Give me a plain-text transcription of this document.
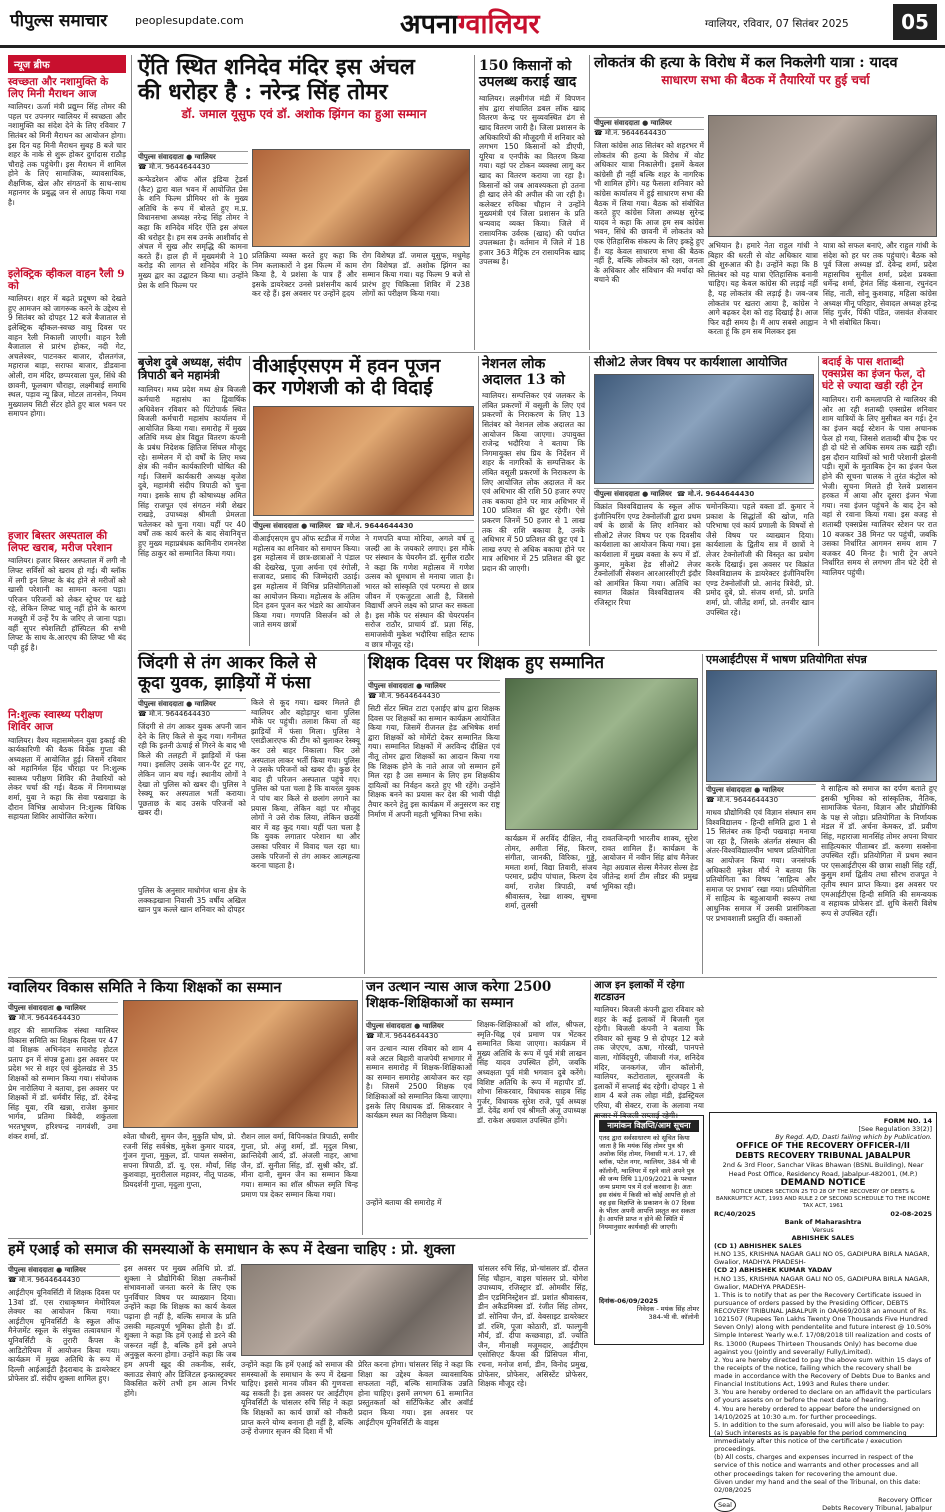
पीपुल्स समाचार	peoplesupdate.com	अपनाग्वालियर	ग्वालियर, रविवार, 07 सितंबर 2025	05
न्यूज ब्रीफ
स्वच्छता और नशामुक्ति के लिए मिनी मैराथन आज
ग्वालियर। ऊर्जा मंत्री प्रद्युम्न सिंह तोमर की पहल पर उपनगर ग्वालियर में स्वच्छता और नशामुक्ति का संदेश देने के लिए रविवार 7 सितंबर को मिनी मैराथन का आयोजन होगा। इस दिन यह मिनी मैराथन सुबह 8 बजे चार शहर के नाके से शुरू होकर दुर्गादास राठौड़ चौराहे तक पहुंचेगी। इस मैराथन में शामिल होने के लिए सामाजिक, व्यावसायिक, शैक्षणिक, खेल और संगठनों के साथ-साथ महानगर के प्रबुद्ध जन से आग्रह किया गया है।
इलेक्ट्रिक व्हीकल वाहन रैली 9 को
ग्वालियर। शहर में बढ़ते प्रदूषण को देखते हुए आमजन को जागरूक करने के उद्देश्य से 9 सितंबर को दोपहर 12 बजे बैजाताल से इलेक्ट्रिक व्हीकल-स्वच्छ वायु दिवस पर वाहन रैली निकाली जाएगी। वाहन रैली बैजाताल से प्रारंभ होकर, नदी गेट, अचलेश्वर, पाटनकर बाजार, दौलतगंज, महाराज बाड़ा, सराफा बाजार, डीडवाना ओली, राम मंदिर, छप्परवाला पुल, सिंधे की छावनी, फूलबाग चौराहा, लक्ष्मीबाई समाधि स्थल, पड़ाव न्यू ब्रिज, मोटल तानसेन, नियम मुख्यालय सिटी सेंटर होते हुए बाल भवन पर समापन होगा।
हजार बिस्तर अस्पताल की लिफ्ट खराब, मरीज परेशान
ग्वालियर। हजार बिस्तर अस्पताल में लगी नौ लिफ्ट सर्विसों को खराब हो गई। बी ब्लॉक में लगी इन लिफ्ट के बंद होने से मरीजों को खासी परेशानी का सामना करना पड़ा। परिजन परिजनों को लेकर स्ट्रेचर पर खड़े रहे, लेकिन लिफ्ट चालू नहीं होने के कारण मजबूरी में उन्हें रैंप के जरिए ले जाना पड़ा। वहीं सुपर स्पेशलिटी हॉस्पिटल की सभी लिफ्ट के साथ के.आरएच की लिफ्ट भी बंद पड़ी हुई है।
नि:शुल्क स्वास्थ्य परीक्षण शिविर आज
ग्वालियर। वैश्य महासम्मेलन युवा इकाई की कार्यकारिणी की बैठक विवेक गुप्ता की अध्यक्षता में आयोजित हुई। जिसमें रविवार को महानिर्मल हिंद चौराहा पर नि:शुल्क स्वास्थ्य परीक्षण शिविर की तैयारियों को लेकर चर्चा की गई। बैठक में निगमाध्यक्ष शर्मा, युवा ने कहा कि सेवा पखवाड़ा के दौरान विभिन्न आयोजन नि:शुल्क विधिक सहायता शिविर आयोजित करेगा।
ऐंति स्थित शनिदेव मंदिर इस अंचल
की धरोहर है : नरेन्द्र सिंह तोमर
डॉ. जमाल यूसुफ एवं डॉ. अशोक झिंगन का हुआ सम्मान
पीपुल्स संवाददाता ● ग्वालियर
☎ मो.नं. 9644644430
कन्फेडरेशन ऑफ ऑल इंडिया ट्रेडर्स (कैट) द्वारा बाल भवन में आयोजित प्रेस के शनि फिल्म प्रीमियर शो के मुख्य अतिथि के रूप में बोलते हुए म.प्र. विधानसभा अध्यक्ष नरेन्द्र सिंह तोमर ने कहा कि शनिदेव मंदिर ऐंति इस अंचल की धरोहर है। हम सब उनके आशीर्वाद से अंचल में सुख और समृद्धि की कामना करते हैं। हाल ही में मुख्यमंत्री ने 10 करोड़ की लागत से शनिदेव मंदिर के मुख्य द्वार का उद्घाटन किया था। उन्होंने प्रेस के शनि फिल्म पर
प्रतिक्रिया व्यक्त करते हुए कहा कि निम कलाकारों ने इस फिल्म में काम किया है, ये प्रशंसा के पात्र हैं और इसके डायरेक्टर उनसे प्रशंसनीय कार्य कर रहे हैं। इस अवसर पर उन्होंने हृदय
रोग विशेषज्ञ डॉ. जमाल यूसुफ, मधुमेह रोग विशेषज्ञ डॉ. अशोक झिंगन का सम्मान किया गया। यह फिल्म 9 बजे से प्रारंभ हुए चिकित्सा शिविर में 238 लोगों का परीक्षण किया गया।
150 किसानों को उपलब्ध कराई खाद
ग्वालियर। लक्ष्मीगंज मंडी में विपणन संघ द्वारा संचालित डबल लॉक खाद वितरण केन्द्र पर सुव्यवस्थित ढंग से खाद वितरण जारी है। जिला प्रशासन के अधिकारियों की मौजूदगी में शनिवार को लगभग 150 किसानों को डीएपी, यूरिया व एनपीके का वितरण किया गया। यहां पर टोकन व्यवस्था लागू कर खाद का वितरण कराया जा रहा है। किसानों को जब आवश्यकता हो उतना ही खाद लेने की अपील की जा रही है। कलेक्टर रुचिका चौहान ने उन्होंने मुख्यमंत्री एवं जिला प्रशासन के प्रति धन्यवाद व्यक्त किया। जिले में रासायनिक उर्वरक (खाद) की पर्याप्त उपलब्धता है। वर्तमान में जिले में 18 हजार 363 मैट्रिक टन रासायनिक खाद उपलब्ध है।
लोकतंत्र की हत्या के विरोध में कल निकलेगी यात्रा : यादव
साधारण सभा की बैठक में तैयारियों पर हुई चर्चा
पीपुल्स संवाददाता ● ग्वालियर
☎ मो.नं. 9644644430
जिला कांग्रेस आठ सितंबर को शहरभर में लोकतंत्र की हत्या के विरोध में वोट अधिकार यात्रा निकालेगी। इसमें केवल कांग्रेसी ही नहीं बल्कि शहर के नागरिक भी शामिल होंगे। यह फैसला शनिवार को कांग्रेस कार्यालय में हुई साधारण सभा की बैठक में लिया गया। बैठक को संबोधित करते हुए कांग्रेस जिला अध्यक्ष सुरेन्द्र यादव ने कहा कि आज हम सब कांग्रेस भवन, सिंधे की छावनी में लोकतंत्र को एक ऐतिहासिक संकल्प के लिए इकट्ठे हुए हैं। यह केवल साधारण सभा की बैठक नहीं है, बल्कि लोकतंत्र को रक्षा, जनता के अधिकार और संविधान की मर्यादा को बचाने की
अभियान है। हमारे नेता राहुल गांधी ने बिहार की धरती से वोट अधिकार यात्रा की शुरुआत की है। उन्होंने कहा कि 8 सितंबर को यह यात्रा ऐतिहासिक बनानी चाहिए। यह केवल कांग्रेस की लड़ाई नहीं है, यह लोकतंत्र की लड़ाई है। जब-जब लोकतंत्र पर खतरा आया है, कांग्रेस ने आगे बढ़कर देश को राह दिखाई है। आज फिर वही समय है। मैं आप सबसे आह्वान करता हूं कि हम सब मिलकर इस
यात्रा को सफल बनाएं, और राहुल गांधी के संदेश को हर घर तक पहुंचाएं। बैठक को पूर्व जिला अध्यक्ष डॉ. देवेन्द्र शर्मा, प्रदेश महासचिव सुनील शर्मा, प्रदेश प्रवक्ता धर्मेन्द्र शर्मा, हेमंत सिंह कंसाना, रघुनंदन सिंह, नाती, सोनू कुशवाह, महिला कांग्रेस अध्यक्ष मीनू परिहार, सेवादल अध्यक्ष हरेन्द्र सिंह गुर्जर, पिंकी पंडित, जसवंत शेजवार ने भी संबोधित किया।
बृजेश दुबे अध्यक्ष, संदीप त्रिपाठी बने महामंत्री
ग्वालियर। मध्य प्रदेश मध्य क्षेत्र बिजली कर्मचारी महासंघ का द्विवार्षिक अधिवेशन रविवार को पिंटोपार्क स्थित बिजली कर्मचारी महासंघ कार्यालय में आयोजित किया गया। समारोह में मुख्य अतिथि मध्य क्षेत्र विद्युत वितरण कंपनी के प्रबंध निदेशक क्षितिज सिंघल मौजूद रहे। सम्मेलन में दो वर्षों के लिए मध्य क्षेत्र की नवीन कार्यकारिणी घोषित की गई। जिसमें कार्यकारी अध्यक्ष बृजेश दुबे, महामंत्री संदीप त्रिपाठी को चुना गया। इसके साथ ही कोषाध्यक्ष अमित सिंह राजपूत एवं संगठन मंत्री शेखर राखड़े, उपाध्यक्ष श्रीमती प्रेमलता चतेलकर को चुना गया। यहीं पर 40 वर्षों तक कार्य करने के बाद सेवानिवृत्त हुए मुख्य महाप्रबंधक कामिनीय रामनरेश सिंह ठाकुर को सम्मानित किया गया।
वीआईएसएम में हवन पूजन
कर गणेशजी को दी विदाई
पीपुल्स संवाददाता ● ग्वालियर ☎ मो.नं. 9644644430
वीआईएसएम ग्रुप ऑफ स्टडीज में गणेश महोत्सव का शनिवार को समापन किया। इस महोत्सव में छात्र-छात्राओं ने पंडाल की देखरेख, पूजा अर्चना एवं रंगोली, सजावट, प्रसाद की जिम्मेदारी उठाई। इस महोत्सव में विभिन्न प्रतियोगिताओं का आयोजन किया। महोत्सव के अंतिम दिन हवन पूजन कर भंडारे का आयोजन किया गया। गणपति विसर्जन को ले जाते समय छात्रों
ने गणपति बप्पा मोरिया, अगले वर्ष तू जल्दी आ के जयकारे लगाए। इस मौके पर संस्थान के चेयरमैन डॉ. सुनील राठौर ने कहा कि गणेश महोत्सव में गणेश उत्सव को धूमधाम से मनाया जाता है। भारत को सांस्कृति एवं परम्परा से छात्र जीवन में एकजुटता आती है, जिससे विद्यार्थी अपने लक्ष्य को प्राप्त कर सकता है। इस मौके पर संस्थान की चेयरपर्सन सरोज राठौर, प्राचार्य डॉ. प्रज्ञा सिंह, समाजसेवी मुकेश भदौरिया सहित स्टाफ व छात्र मौजूद रहे।
नेशनल लोक अदालत 13 को
ग्वालियर। सम्पत्तिकर एवं जलकर के लंबित प्रकरणों में वसूली के लिए एवं प्रकरणों के निराकरण के लिए 13 सितंबर को नेशनल लोक अदालत का आयोजन किया जाएगा। उपायुक्त राजेन्द्र भदौरिया ने बताया कि निगमायुक्त संघ प्रिय के निर्देशन में शहर के नागरिकों के सम्पत्तिकर के लंबित वसूली प्रकरणों के निराकरण के लिए आयोजित लोक अदालत में कर एवं अधिभार की राशि 50 हजार रुपए तक बकाया होने पर मात्र अधिभार में 100 प्रतिशत की छूट रहेगी। ऐसे प्रकरण जिनमें 50 हजार से 1 लाख तक की राशि बकाया है, उनके अधिभार में 50 प्रतिशत की छूट एवं 1 लाख रुपए से अधिक बकाया होने पर मात्र अधिभार में 25 प्रतिशत की छूट प्रदान की जाएगी।
सीओ2 लेजर विषय पर कार्यशाला आयोजित
पीपुल्स संवाददाता ● ग्वालियर ☎ मो.नं. 9644644430
विक्रांत विश्वविद्यालय के स्कूल ऑफ इंजीनियरिंग एण्ड टेक्नोलॉजी द्वारा प्रथम वर्ष के छात्रों के लिए शनिवार को सीओ2 लेजर विषय पर एक दिवसीय कार्यशाला का आयोजन किया गया। इस कार्यशाला में मुख्य वक्ता के रूप में डॉ. कुमार, मुकेश हेड सीओ2 लेजर टेक्नोलॉजी सेक्शन आरआरसीएटी इंदौर को आमंत्रित किया गया। अतिथि का स्वागत विक्रांत विश्वविद्यालय की रजिस्ट्रार रिचा
चमोनकिया। पहले वक्ता डॉ. कुमार ने प्रकाश के सिद्धांतों की खोज, गति परिभाषा एवं कार्य प्रणाली के विषयों से जैसे विषय पर व्याख्यान दिया। कार्यशाला के द्वितीय सत्र में छात्रों ने लेजर टेक्नोलॉजी की विस्तृत का प्रयोग करके दिखाई। इस अवसर पर विक्रांत विश्वविद्यालय के डायरेक्टर इंजीनियरिंग एण्ड टेक्नोलॉजी प्रो. आनंद त्रिवेदी, प्रो. प्रमोद दुबे, प्रो. संजय शर्मा, प्रो. प्रगति शर्मा, प्रो. जीतेंद्र शर्मा, प्रो. तनवीर खान उपस्थित रहे।
बदाई के पास शताब्दी एक्सप्रेस का इंजन फेल, दो घंटे से ज्यादा खड़ी रही ट्रेन
ग्वालियर। रानी कमलापति से ग्वालियर की ओर आ रही शताब्दी एक्सप्रेस शनिवार शाम यात्रियों के लिए मुसीबत बन गई। ट्रेन का इंजन बदई स्टेशन के पास अचानक फेल हो गया, जिससे शताब्दी बीच ट्रैक पर ही दो घंटे से अधिक समय तक खड़ी रही। इस दौरान यात्रियों को भारी परेशानी झेलनी पड़ी। सूत्रों के मुताबिक ट्रेन का इंजन फेल होने की सूचना चालक ने तुरंत कंट्रोल को भेजी। सूचना मिलते ही रेलवे प्रशासन हरकत में आया और दूसरा इंजन भेजा गया। नया इंजन पहुंचने के बाद ट्रेन को वहां से रवाना किया गया। इस वजह से शताब्दी एक्सप्रेस ग्वालियर स्टेशन पर रात 10 बजकर 38 मिनट पर पहुंची, जबकि उसका निर्धारित आगमन समय शाम 7 बजकर 40 मिनट है। भारी ट्रेन अपने निर्धारित समय से लगभग तीन घंटे देरी से ग्वालियर पहुंची।
जिंदगी से तंग आकर किले से
कूदा युवक, झाड़ियों में फंसा
पीपुल्स संवाददाता ● ग्वालियर
☎ मो.नं. 9644644430
जिंदगी से तंग आकर युवक अपनी जान देने के लिए किले से कूद गया। गनीमत रही कि इतनी ऊंचाई से गिरने के बाद भी किले की तलहटी में झाड़ियों में फंस गया। इसलिए उसके जान-पैर टूट गए, लेकिन जान बच गई। स्थानीय लोगों ने देखा तो पुलिस को खबर दी। पुलिस ने रेस्क्यू कर अस्पताल भर्ती कराया। पूछताछ के बाद उसके परिजनों को खबर दी।
पुलिस के अनुसार माधोगंज थाना क्षेत्र के लक्कड़खाना निवासी 35 वर्षीय अखिल खान पुत्र कल्ले खान शनिवार को दोपहर
किले से कूद गया। खबर मिलते ही ग्वालियर और बहोड़ापुर थाना पुलिस मौके पर पहुंची। तलाश किया तो वह झाड़ियों में फंसा मिला। पुलिस ने एसडीआरएफ की टीम को बुलाकर रेस्क्यू कर उसे बाहर निकाला। फिर उसे अस्पताल लाकर भर्ती किया गया। पुलिस ने उसके परिजनों को खबर दी। कुछ देर बाद ही परिजन अस्पताल पहुंचे गए। पुलिस को पता चला है कि वायरल युवक ने पांच बार किले से छलांग लगाने का प्रयास किया, लेकिन वहां पर मौजूद लोगों ने उसे रोक लिया, लेकिन छठवीं बार में वह कूद गया। यहीं पता चला है कि युवक लगातार परेशान था और उसका परिवार में विवाद चल रहा था। उसके परिजनों से तंग आकर आत्महत्या करना चाहता है।
शिक्षक दिवस पर शिक्षक हुए सम्मानित
पीपुल्स संवाददाता ● ग्वालियर
☎ मो.नं. 9644644430
सिटी सेंटर स्थित टाटा एआईए ब्रांच द्वारा शिक्षक दिवस पर शिक्षकों का सम्मान कार्यक्रम आयोजित किया गया, जिसमें रीजनल हेड अभिषेक शर्मा द्वारा शिक्षकों को मोमेंटो देकर सम्मानित किया गया। सम्मानित शिक्षकों में अरविन्द दीक्षित एवं नीतू तोमर द्वारा शिक्षकों का आदान किया गया कि शिक्षक होने के नाते आज जो सम्मान हमें मिल रहा है उस सम्मान के लिए हम शिक्षकीय दायित्वों का निर्वहन करते हुए भी रहेंगे। उन्होंने शिक्षक बनने का प्रयास कर देश की भावी पीढ़ी तैयार करने हेतु इस कार्यक्रम में अनुसरण कर राष्ट्र निर्माण में अपनी महती भूमिका निभा सके।
कार्यक्रम में अरविंद दीक्षित, नीतू तोमर, अमीता सिंह, किरण, संगीता, जानकी, विरिका, गुड्डे, ममता शर्मा, विद्या तिवारी, संजय परमार, प्रदीप पांचाल, किरण देव वर्मा, राजेश त्रिपाठी, वर्षा श्रीवास्तव, रेखा शाक्य, सुषमा शर्मा, तुलसी
रावतजिन्दगी भारतीय शाक्य, सुरेश रावत शामिल हैं। कार्यक्रम के आयोजन में नवीन सिंह ब्रांच मैनेजर नेहा अग्रवाल सेल्स मैनेजर सेल्स हेड जीतेन्द्र शर्मा टीम लीडर की प्रमुख भूमिका रही।
एमआईटीएस में भाषण प्रतियोगिता संपन्न
पीपुल्स संवाददाता ● ग्वालियर
☎ मो.नं. 9644644430
माधव प्रौद्योगिकी एवं विज्ञान संस्थान सम विश्वविद्यालय - हिन्दी समिति द्वारा 1 से 15 सितंबर तक हिन्दी पखवाड़ा मनाया जा रहा है, जिसके अंतर्गत संस्थान की अंतर-विश्वविद्यालयीन भाषण प्रतियोगिता का आयोजन किया गया। जनसंपर्क अधिकारी मुकेश मौर्य ने बताया कि प्रतियोगिता का विषय ‘साहित्य और समाज पर प्रभाव’ रखा गया। प्रतियोगिता में साहित्य के बहुआयामी स्वरूप तथा आधुनिक समाज में उसकी प्रासंगिकता पर प्रभावशाली प्रस्तुति दीं। वक्ताओं
ने साहित्य को समाज का दर्पण बताते हुए इसकी भूमिका को सांस्कृतिक, नैतिक, सामाजिक चेतना, विज्ञान और प्रौद्योगिकी के पक्ष से जोड़ा। प्रतियोगिता के निर्णायक मंडल में डॉ. अर्चना केमकर, डॉ. प्रवीण सिंह, महाराजा मानसिंह तोमर अपना विचार साहित्यकार पीताम्बर डॉ. करुणा सक्सेना उपस्थित रहीं। प्रतियोगिता में प्रथम स्थान पर एसआईटीएस की छात्रा साक्षी सिंह रहीं, कुसुम शर्मा द्वितीय तथा सौरभ राजपूत ने तृतीय स्थान प्राप्त किया। इस अवसर पर एमआईटीएस हिन्दी समिति की समन्वयक व सहायक प्रोफेसर डॉ. शुचि केसरी विशेष रूप से उपस्थित रहीं।
ग्वालियर विकास समिति ने किया शिक्षकों का सम्मान
पीपुल्स संवाददाता ● ग्वालियर
☎ मो.नं. 9644644430
शहर की सामाजिक संस्था ग्वालियर विकास समिति का शिक्षक दिवस पर 47 वां शिक्षक अभिनंदन समारोह होटल प्रताप इन में संपन्न हुआ। इस अवसर पर प्रदेश भर से शहर एवं बुंदेलखंड से 35 शिक्षकों को सम्मान किया गया। संयोजक प्रेम नारोलिया ने बताया, इस अवसर पर शिक्षकों में डॉ. धर्मवीर सिंह, डॉ. देवेन्द्र सिंह यूवा, रवि खन्ना, राजेश कुमार भार्गव, प्रतिमा त्रिवेदी, शकुंतला भरतभूषण, हरिश्चन्द्र नागवंशी, उमा शंकर शर्मा, डॉ.	श्वेता चौधरी, सुमन जैन, मुकुति घोष, प्रो. रजनी सिंह सर्वश्रेष्ठ, मुकेश कुमार यादव, गुंजन गुप्ता, मुकुल, डॉ. पायल सक्सेना, सपना त्रिपाठी, डॉ. यू. एस. मौर्या, सिंह कुशवाहा, मुरारीलाल महावर, नीतू पाठक, प्रियदर्शनी गुप्ता, मृदुला गुप्ता,
रौशन लाल वर्मा, विपिनकांत त्रिपाठी, समीर गुप्ता, प्रो. अंजु शर्मा, डॉ. मृदुल मिश्रा, क्रान्तिदेवी आर्य, डॉ. अंजली नाहर, आभा जैन, डॉ. सुनीता सिंह, डॉ. सुश्री कौर, डॉ. मीना दानी, सुमन जैन का सम्मान किया गया। सम्मान का शॉल श्रीफल स्मृति चिन्ह प्रमाण पत्र देकर सम्मान किया गया।
जन उत्थान न्यास आज करेगा 2500
शिक्षक-शिक्षिकाओं का सम्मान
पीपुल्स संवाददाता ● ग्वालियर
☎ मो.नं. 9644644430
जन उत्थान न्यास रविवार को शाम 4 बजे अटल बिहारी वाजपेयी सभागार में सम्मान समारोह में शिक्षक-शिक्षिकाओं का सम्मान समारोह आयोजन कर रहा है। जिसमें 2500 शिक्षक एवं शिक्षिकाओं को सम्मानित किया जाएगा। इसके लिए विधायक डॉ. सिकरवार ने कार्यक्रम स्थल का निरीक्षण किया।
उन्होंने बताया की समारोह में
शिक्षक-शिक्षिकाओं को शॉल, श्रीफल, स्मृति-चिह्न एवं प्रमाण पत्र भेंटकर सम्मानित किया जाएगा। कार्यक्रम में मुख्य अतिथि के रूप में पूर्व मंत्री लाखन सिंह यादव उपस्थित होंगे, जबकि अध्यक्षता पूर्व मंत्री भगवान दुबे करेंगे। विशिष्ट अतिथि के रूप में महापौर डॉ. शोभा सिकरवार, विधायक साहब सिंह गुर्जर, विधायक सुरेश राजे, पूर्व अध्यक्ष डॉ. देवेंद्र शर्मा एवं श्रीमती अंजू उपाध्यक्ष डॉ. राकेश अग्रवाल उपस्थित होंगे।
आज इन इलाकों में रहेगा शटडाउन
ग्वालियर। बिजली कंपनी द्वारा रविवार को शहर के कई इलाकों में बिजली गुल रहेगी। बिजली कंपनी ने बताया कि रविवार को सुबह 9 से दोपहर 12 बजे तक जेएएच, ऊषा, गोरखी, पानपत्ते वाला, गोविंदपुरी, जीवाजी गंज, शनिदेव मंदिर, जनकगंज, जीन कॉलोनी, ग्वालियर, कटोराताल, सूरजवती के इलाकों में सप्लाई बंद रहेगी। दोपहर 1 से शाम 4 बजे तक लोहा मंडी, इंडस्ट्रियल एरिया, बी सेक्टर, राजा के अलावा नया बाजार में बिजली सप्लाई रहेगी।
नामांकन विज्ञप्ति/आम सूचना
एतद द्वारा सर्वसाधारण को सूचित किया जाता है कि मयंक सिंह तोमर पुत्र श्री अशोक सिंह तोमर, निवासी म.नं. 17, सी ब्लॉक, पटेल नगर, ग्वालियर, 384 भी वी कॉलोनी, ग्वालियर में रहने वाले अपने पुत्र की जन्म तिथि 11/09/2021 के पश्चात जन्म प्रमाण पत्र में दर्ज करवाना है। अतः इस संबंध में किसी को कोई आपत्ति हो तो वह इस विज्ञप्ति के प्रकाशन के 07 दिवस के भीतर अपनी आपत्ति प्रस्तुत कर सकता है। आपत्ति प्राप्त न होने की स्थिति में नियमानुसार कार्यवाही की जाएगी।
दिनांक-06/09/2025
निवेदक - मयंक सिंह तोमर
384-भी वी. कॉलोनी
FORM NO. 14
[See Regulation 33(2)]
By Regd. A/D, Dasti failing which by Publication.
OFFICE OF THE RECOVERY OFFICER-I/II
DEBTS RECOVERY TRIBUNAL JABALPUR
2nd & 3rd Floor, Sanchar Vikas Bhawan (BSNL Building), Near Head Post Office, Residency Road, Jabalpur-482001, (M.P.)
DEMAND NOTICE
NOTICE UNDER SECTION 25 TO 28 OF THE RECOVERY OF DEBTS & BANKRUPTCY ACT, 1993 AND RULE 2 OF SECOND SCHEDULE TO THE INCOME TAX ACT, 1961
RC/40/2025	02-08-2025
Bank of Maharashtra
Versus
ABHISHEK SALES
(CD 1) ABHISHEK SALES
H.NO 135, KRISHNA NAGAR GALI NO 05, GADIPURA BIRLA NAGAR, Gwalior, MADHYA PRADESH-
(CD 2) ABHISHEK KUMAR YADAV
H.NO 135, KRISHNA NAGAR GALI NO 05, GADIPURA BIRLA NAGAR, Gwalior, MADHYA PRADESH-
1. This is to notify that as per the Recovery Certificate issued in pursuance of orders passed by the Presiding Officer, DEBTS RECOVERY TRIBUNAL JABALPUR in OA/669/2018 an amount of Rs. 1021507 (Rupees Ten Lakhs Twenty One Thousands Five Hundred Seven Only) along with pendentelite and future interest @ 10.50% Simple Interest Yearly w.e.f. 17/08/2018 till realization and costs of Rs. 13000 (Rupees Thirteen Thousands Only) has become due against you (Jointly and severally/ Fully/Limited).
2. You are hereby directed to pay the above sum within 15 days of the receipts of the notice, failing which the recovery shall be made in accordance with the Recovery of Debts Due to Banks and Financial Institutions Act, 1993 and Rules there under.
3. You are hereby ordered to declare on an affidavit the particulars of yours assets on or before the next date of hearing.
4. You are hereby ordered to appear before the undersigned on 14/10/2025 at 10:30 a.m. for further proceedings.
5. In addition to the sum aforesaid, you will also be liable to pay:
(a) Such interests as is payable for the period commencing immediately after this notice of the certificate / execution proceedings.
(b) All costs, charges and expenses incurred in respect of the service of this notice and warrants and other processes and all other proceedings taken for recovering the amount due.
Given under my hand and the seal of the Tribunal, on this date: 02/08/2025
Seal
Recovery Officer
Debts Recovery Tribunal, Jabalpur
हमें एआई को समाज की समस्याओं के समाधान के रूप में देखना चाहिए : प्रो. शुक्ला
पीपुल्स संवाददाता ● ग्वालियर
☎ मो.नं. 9644644430
आईटीएम यूनिवर्सिटी में शिक्षक दिवस पर 13वां डॉ. एस राधाकृष्णन मेमोरियल लेक्चर का आयोजन किया गया। आईटीएम यूनिवर्सिटी के स्कूल ऑफ मैनेजमेंट स्कूल के संयुक्त तत्वावधान में यूनिवर्सिटी के तुरारी कैंपस के आडिटोरियम में आयोजन किया गया। कार्यक्रम में मुख्य अतिथि के रूप में दिल्ली आईआईटी हैदराबाद के डायरेक्टर प्रोफेसर डॉ. संदीप शुक्ला शामिल हुए।
इस अवसर पर मुख्य अतिथि प्रो. डॉ. शुक्ला ने प्रौद्योगिकी शिक्षा तकनीकों संभावनाओं जनता करने के लिए एक पुनर्विचार विषय पर व्याख्यान दिया। उन्होंने कहा कि शिक्षक का कार्य केवल पढ़ाना ही नहीं है, बल्कि समाज के प्रति उसकी महत्वपूर्ण भूमिका होती है। डॉ. शुक्ला ने कहा कि हमें एआई से डरने की जरूरत नहीं है, बल्कि हमें इसे अपने अनुकूल करना होगा। उन्होंने कहा कि जब हम अपनी खूद की तकनीक, सर्वर, क्लाउड सेवाएं और डिजिटल इन्फ्रास्ट्रक्चर विकसित करेंगे तभी हम आत्म निर्भर होंगे।
उन्होंने कहा कि हमें एआई को समाज की समस्याओं के समाधान के रूप में देखना चाहिए। इससे मानव जीवन की गुणवत्ता बढ़ सकती है। इस अवसर पर आईटीएम यूनिवर्सिटी के चांसलर रुचि सिंह ने कहा कि शिक्षकों का कार्य छात्रों को नौकरी प्राप्त करने योग्य बनाना ही नहीं है, बल्कि उन्हें रोजगार सृजन की दिशा में भी
प्रेरित करना होगा। चांसलर सिंह ने कहा कि शिक्षा का उद्देश्य केवल व्यावसायिक सफलता नहीं, बल्कि सामाजिक उन्नति होना चाहिए। इसमें लगभग 61 सम्मानित प्रस्तुतकर्ता को सर्टिफिकेट और अवॉर्ड प्रदान किया गया। इस अवसर पर आईटीएम यूनिवर्सिटी के वाइस
चांसलर रुचि सिंह, प्रो-चांसलर डॉ. दौलत सिंह चौहान, वाइस चांसलर प्रो. योगेश उपाध्याय, रजिस्ट्रार डॉ. ओमवीर सिंह, डीन एडमिनिस्ट्रेशन डॉ. प्रशांत श्रीवास्तव, डीन अकैडमिक्स डॉ. रंजीत सिंह तोमर, डॉ. सोनिया जैन, डॉ. वेबसाइट डायरेक्टर डॉ. रश्मि, पूजा कोठारी, डॉ. फाल्गुनी मौर्य, डॉ. दीपा कच्छवाहा, डॉ. ज्योति जैन, मीनाक्षी मजूमदार, आईटीएम एसोसिएट कैंपस की प्रिंसिपल मीना, रचना, मनोज शर्मा, डीन, विनोद प्रमुख, प्रोफेसर, प्रोफेसर, असिस्टेंट प्रोफेसर, शिक्षक मौजूद रहे।
